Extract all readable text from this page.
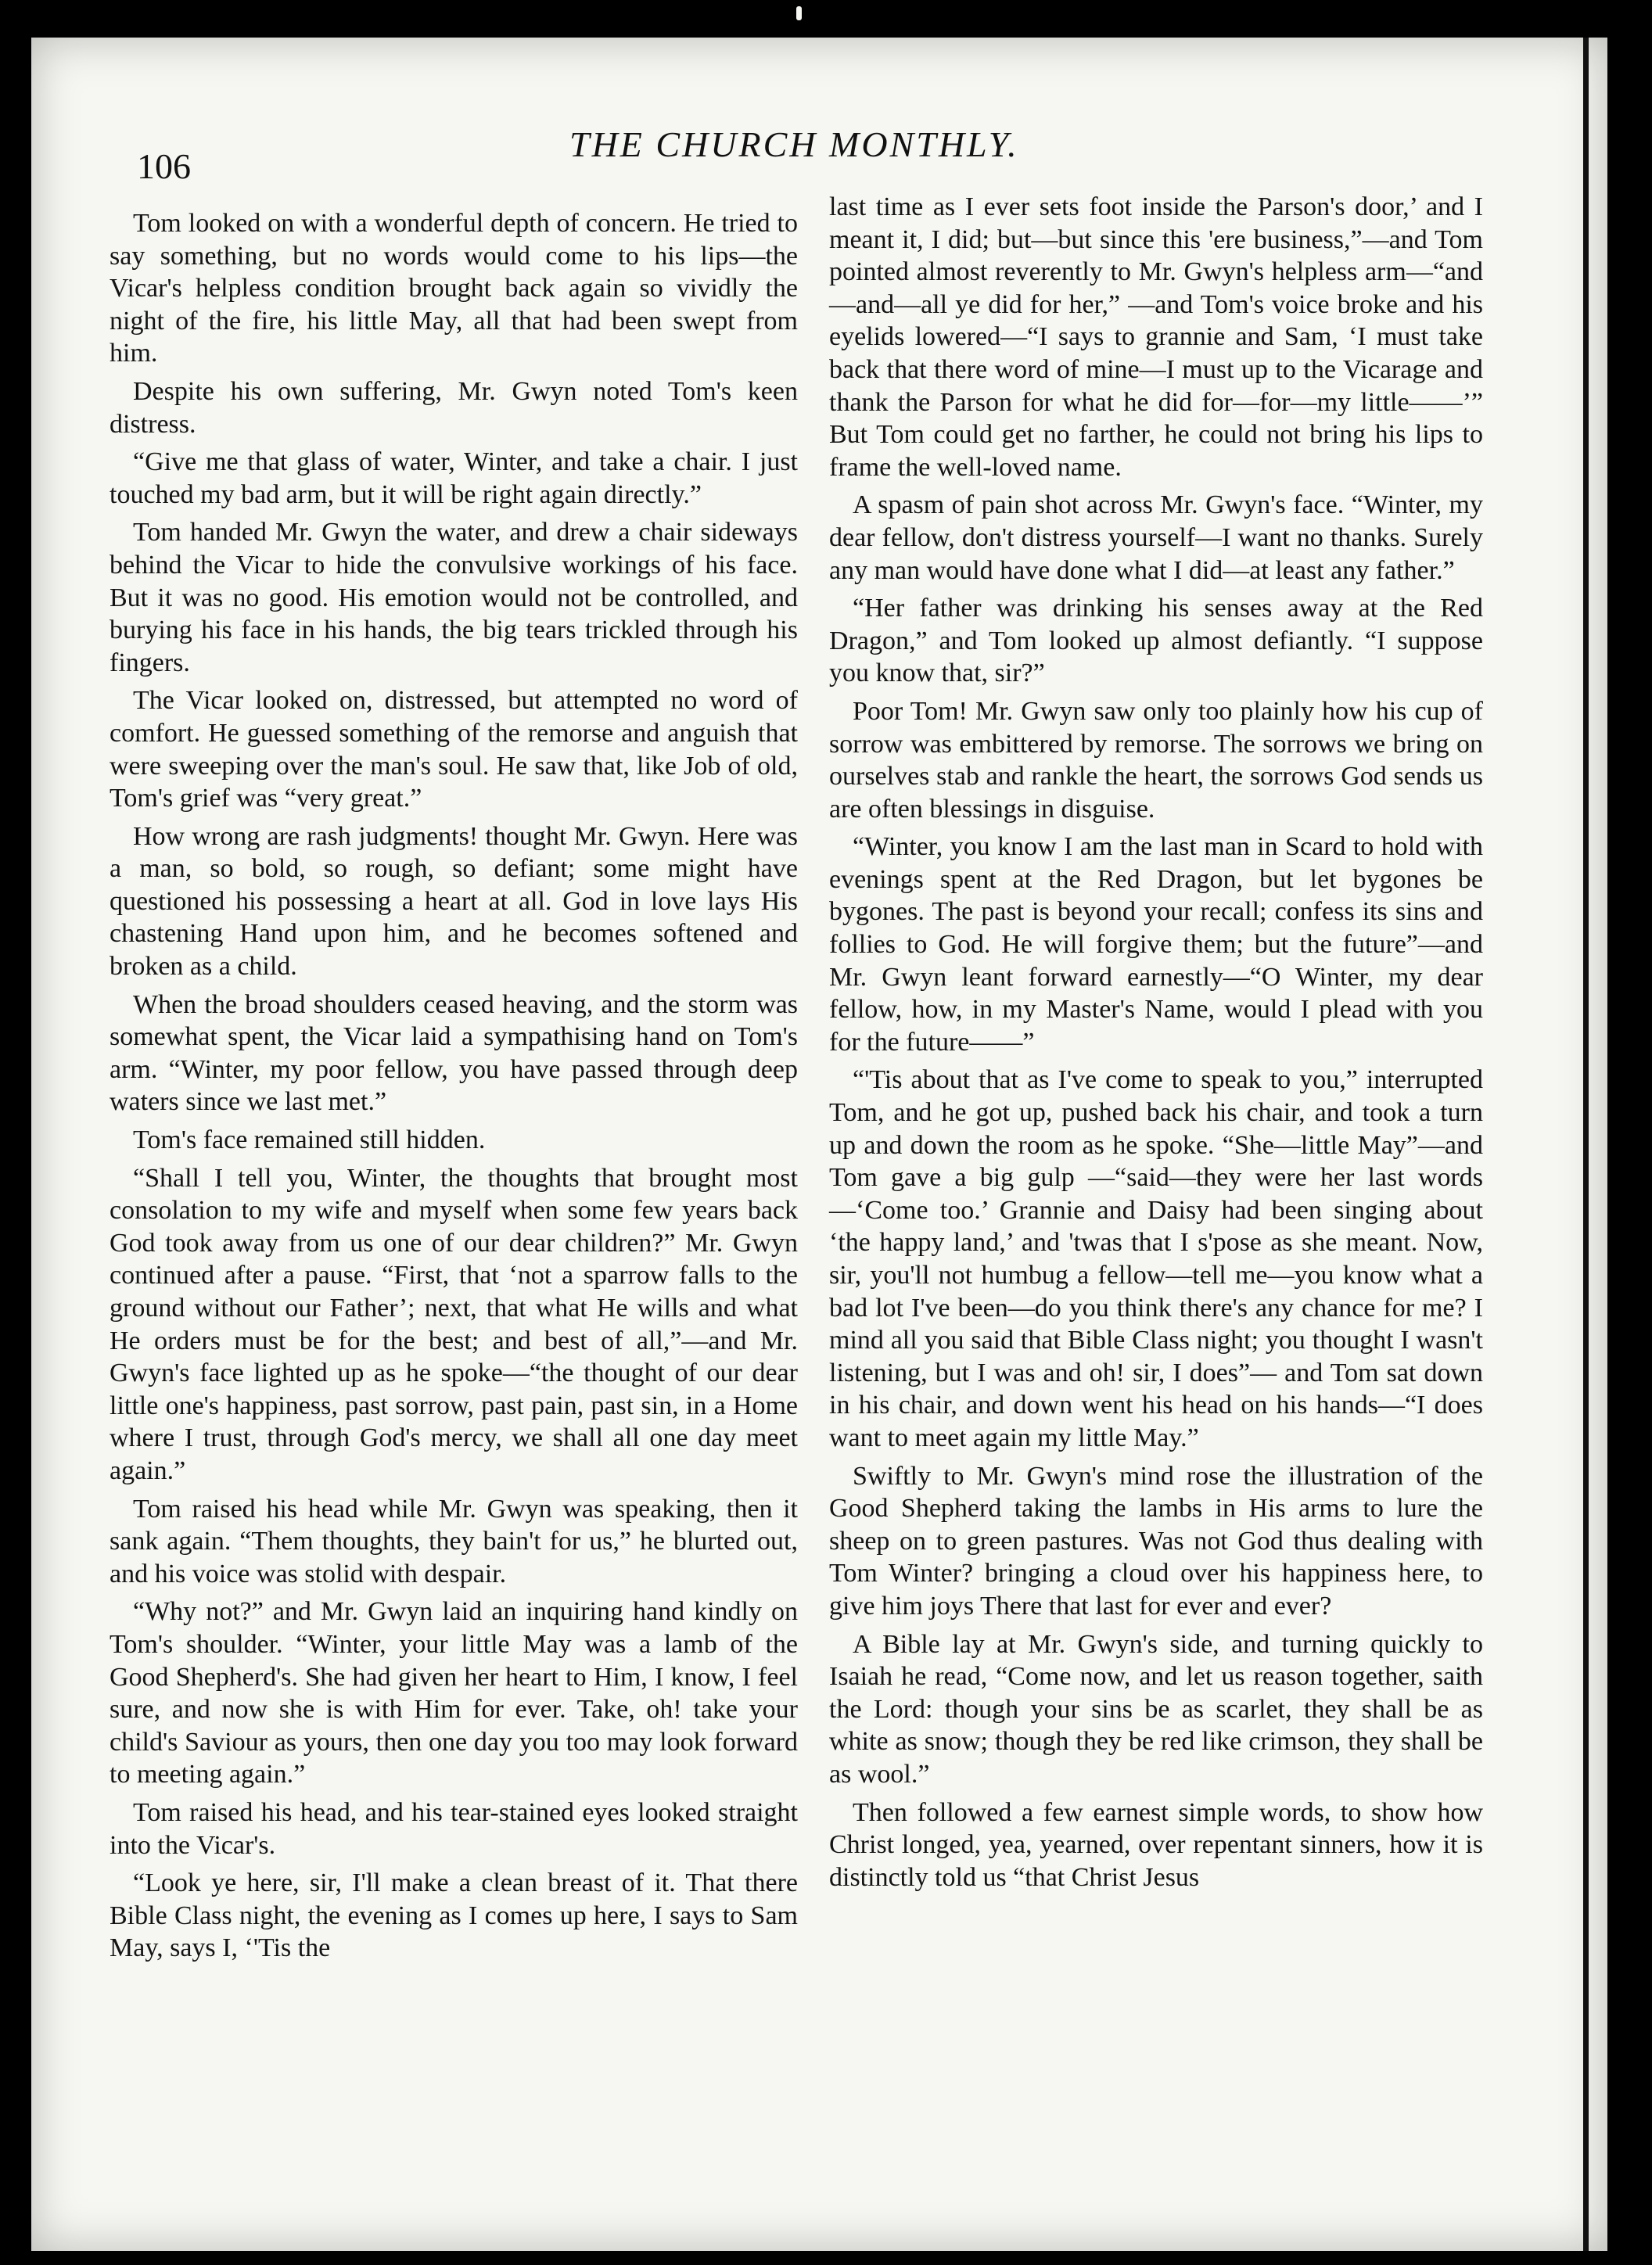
106
THE CHURCH MONTHLY.

Tom looked on with a wonderful depth of concern. He tried to say something, but no words would come to his lips—the Vicar's helpless condition brought back again so vividly the night of the fire, his little May, all that had been swept from him.

Despite his own suffering, Mr. Gwyn noted Tom's keen distress.

“Give me that glass of water, Winter, and take a chair. I just touched my bad arm, but it will be right again directly.”

Tom handed Mr. Gwyn the water, and drew a chair sideways behind the Vicar to hide the convulsive workings of his face. But it was no good. His emotion would not be controlled, and burying his face in his hands, the big tears trickled through his fingers.

The Vicar looked on, distressed, but attempted no word of comfort. He guessed something of the remorse and anguish that were sweeping over the man's soul. He saw that, like Job of old, Tom's grief was “very great.”

How wrong are rash judgments! thought Mr. Gwyn. Here was a man, so bold, so rough, so defiant; some might have questioned his possessing a heart at all. God in love lays His chastening Hand upon him, and he becomes softened and broken as a child.

When the broad shoulders ceased heaving, and the storm was somewhat spent, the Vicar laid a sympathising hand on Tom's arm. “Winter, my poor fellow, you have passed through deep waters since we last met.”

Tom's face remained still hidden.

“Shall I tell you, Winter, the thoughts that brought most consolation to my wife and myself when some few years back God took away from us one of our dear children?” Mr. Gwyn continued after a pause. “First, that ‘not a sparrow falls to the ground without our Father’; next, that what He wills and what He orders must be for the best; and best of all,”—and Mr. Gwyn's face lighted up as he spoke—“the thought of our dear little one's happiness, past sorrow, past pain, past sin, in a Home where I trust, through God's mercy, we shall all one day meet again.”

Tom raised his head while Mr. Gwyn was speaking, then it sank again. “Them thoughts, they bain't for us,” he blurted out, and his voice was stolid with despair.

“Why not?” and Mr. Gwyn laid an inquiring hand kindly on Tom's shoulder. “Winter, your little May was a lamb of the Good Shepherd's. She had given her heart to Him, I know, I feel sure, and now she is with Him for ever. Take, oh! take your child's Saviour as yours, then one day you too may look forward to meeting again.”

Tom raised his head, and his tear-stained eyes looked straight into the Vicar's.

“Look ye here, sir, I'll make a clean breast of it. That there Bible Class night, the evening as I comes up here, I says to Sam May, says I, ‘'Tis the

last time as I ever sets foot inside the Parson's door,’ and I meant it, I did; but—but since this 'ere business,”—and Tom pointed almost reverently to Mr. Gwyn's helpless arm—“and—and—all ye did for her,” —and Tom's voice broke and his eyelids lowered—“I says to grannie and Sam, ‘I must take back that there word of mine—I must up to the Vicarage and thank the Parson for what he did for—for—my little——’” But Tom could get no farther, he could not bring his lips to frame the well-loved name.

A spasm of pain shot across Mr. Gwyn's face. “Winter, my dear fellow, don't distress yourself—I want no thanks. Surely any man would have done what I did—at least any father.”

“Her father was drinking his senses away at the Red Dragon,” and Tom looked up almost defiantly. “I suppose you know that, sir?”

Poor Tom! Mr. Gwyn saw only too plainly how his cup of sorrow was embittered by remorse. The sorrows we bring on ourselves stab and rankle the heart, the sorrows God sends us are often blessings in disguise.

“Winter, you know I am the last man in Scard to hold with evenings spent at the Red Dragon, but let bygones be bygones. The past is beyond your recall; confess its sins and follies to God. He will forgive them; but the future”—and Mr. Gwyn leant forward earnestly—“O Winter, my dear fellow, how, in my Master's Name, would I plead with you for the future——”

“'Tis about that as I've come to speak to you,” interrupted Tom, and he got up, pushed back his chair, and took a turn up and down the room as he spoke. “She—little May”—and Tom gave a big gulp —“said—they were her last words—‘Come too.’ Grannie and Daisy had been singing about ‘the happy land,’ and 'twas that I s'pose as she meant. Now, sir, you'll not humbug a fellow—tell me—you know what a bad lot I've been—do you think there's any chance for me? I mind all you said that Bible Class night; you thought I wasn't listening, but I was and oh! sir, I does”— and Tom sat down in his chair, and down went his head on his hands—“I does want to meet again my little May.”

Swiftly to Mr. Gwyn's mind rose the illustration of the Good Shepherd taking the lambs in His arms to lure the sheep on to green pastures. Was not God thus dealing with Tom Winter? bringing a cloud over his happiness here, to give him joys There that last for ever and ever?

A Bible lay at Mr. Gwyn's side, and turning quickly to Isaiah he read, “Come now, and let us reason together, saith the Lord: though your sins be as scarlet, they shall be as white as snow; though they be red like crimson, they shall be as wool.”

Then followed a few earnest simple words, to show how Christ longed, yea, yearned, over repentant sinners, how it is distinctly told us “that Christ Jesus
